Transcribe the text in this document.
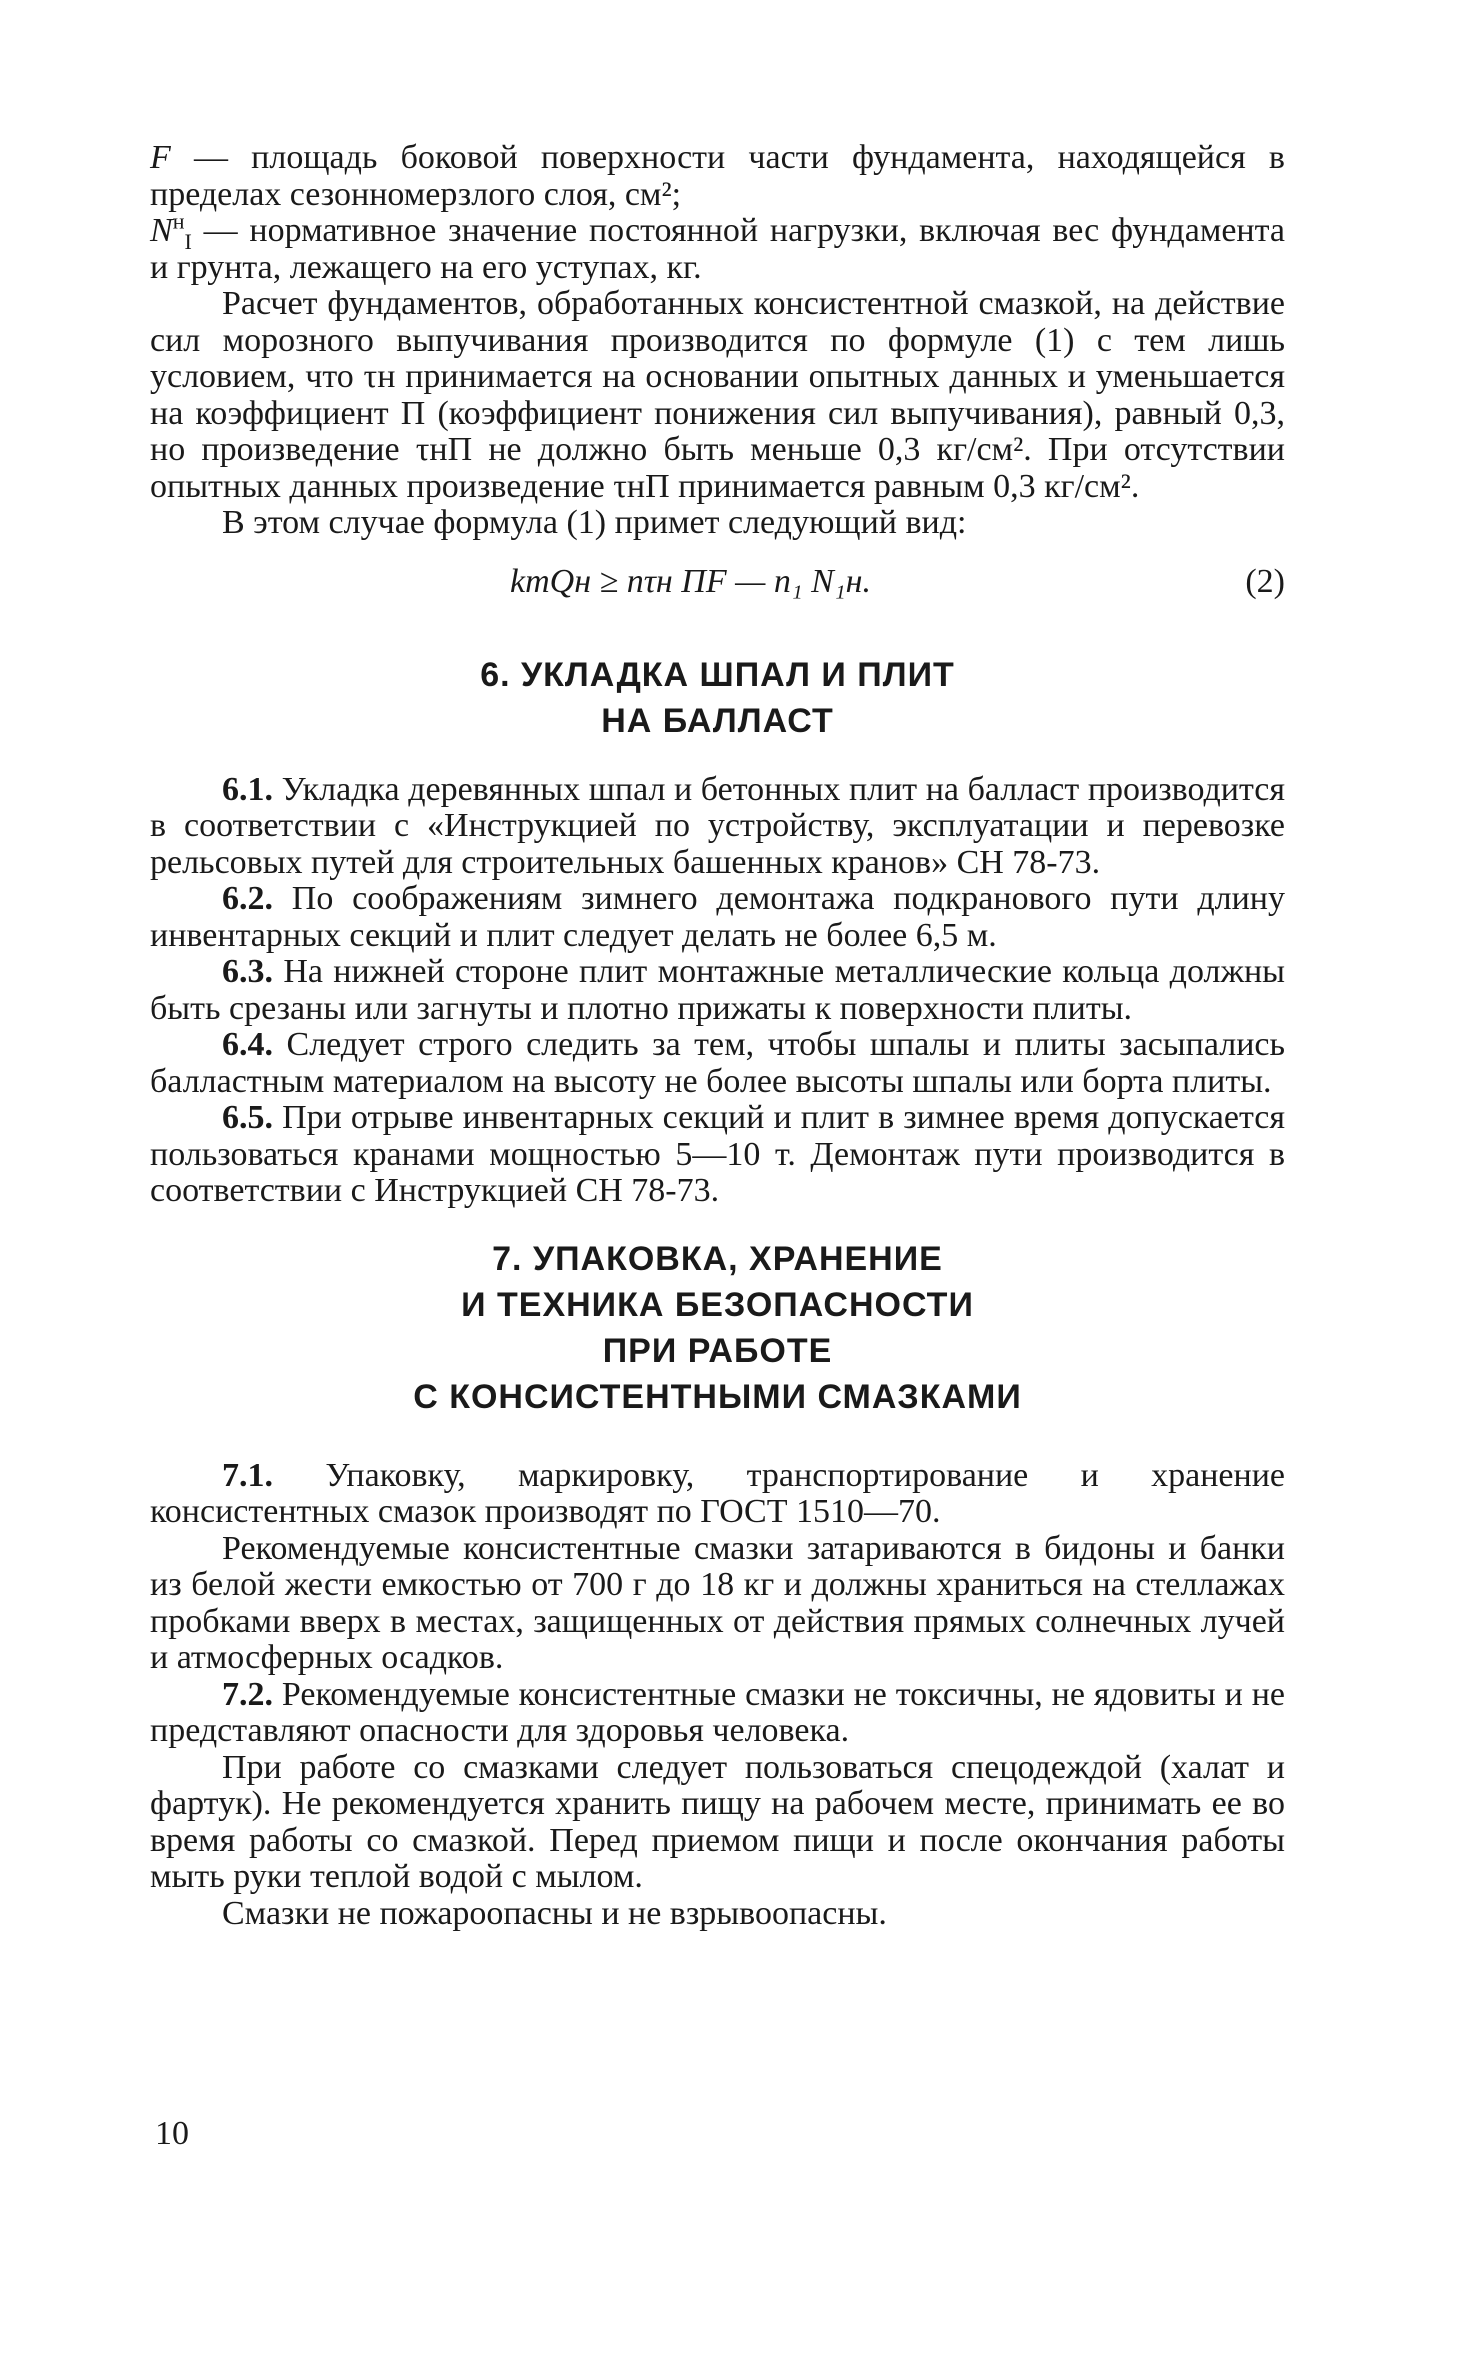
F — площадь боковой поверхности части фундамента, находящейся в пределах сезонномерзлого слоя, см²;

$N^н_I$ — нормативное значение постоянной нагрузки, включая вес фундамента и грунта, лежащего на его уступах, кг.

Расчет фундаментов, обработанных консистентной смазкой, на действие сил морозного выпучивания производится по формуле (1) с тем лишь условием, что τн принимается на основании опытных данных и уменьшается на коэффициент П (коэффициент понижения сил выпучивания), равный 0,3, но произведение τнП не должно быть меньше 0,3 кг/см². При отсутствии опытных данных произведение τнП принимается равным 0,3 кг/см².

В этом случае формула (1) примет следующий вид:

kmQн ≥ nτн ПF — n₁ N₁н.	(2)
6. УКЛАДКА ШПАЛ И ПЛИТ
НА БАЛЛАСТ

6.1. Укладка деревянных шпал и бетонных плит на балласт производится в соответствии с «Инструкцией по устройству, эксплуатации и перевозке рельсовых путей для строительных башенных кранов» СН 78-73.

6.2. По соображениям зимнего демонтажа подкранового пути длину инвентарных секций и плит следует делать не более 6,5 м.

6.3. На нижней стороне плит монтажные металлические кольца должны быть срезаны или загнуты и плотно прижаты к поверхности плиты.

6.4. Следует строго следить за тем, чтобы шпалы и плиты засыпались балластным материалом на высоту не более высоты шпалы или борта плиты.

6.5. При отрыве инвентарных секций и плит в зимнее время допускается пользоваться кранами мощностью 5—10 т. Демонтаж пути производится в соответствии с Инструкцией СН 78-73.

7. УПАКОВКА, ХРАНЕНИЕ
И ТЕХНИКА БЕЗОПАСНОСТИ
ПРИ РАБОТЕ
С КОНСИСТЕНТНЫМИ СМАЗКАМИ

7.1. Упаковку, маркировку, транспортирование и хранение консистентных смазок производят по ГОСТ 1510—70.

Рекомендуемые консистентные смазки затариваются в бидоны и банки из белой жести емкостью от 700 г до 18 кг и должны храниться на стеллажах пробками вверх в местах, защищенных от действия прямых солнечных лучей и атмосферных осадков.

7.2. Рекомендуемые консистентные смазки не токсичны, не ядовиты и не представляют опасности для здоровья человека.

При работе со смазками следует пользоваться спецодеждой (халат и фартук). Не рекомендуется хранить пищу на рабочем месте, принимать ее во время работы со смазкой. Перед приемом пищи и после окончания работы мыть руки теплой водой с мылом.

Смазки не пожароопасны и не взрывоопасны.

10
